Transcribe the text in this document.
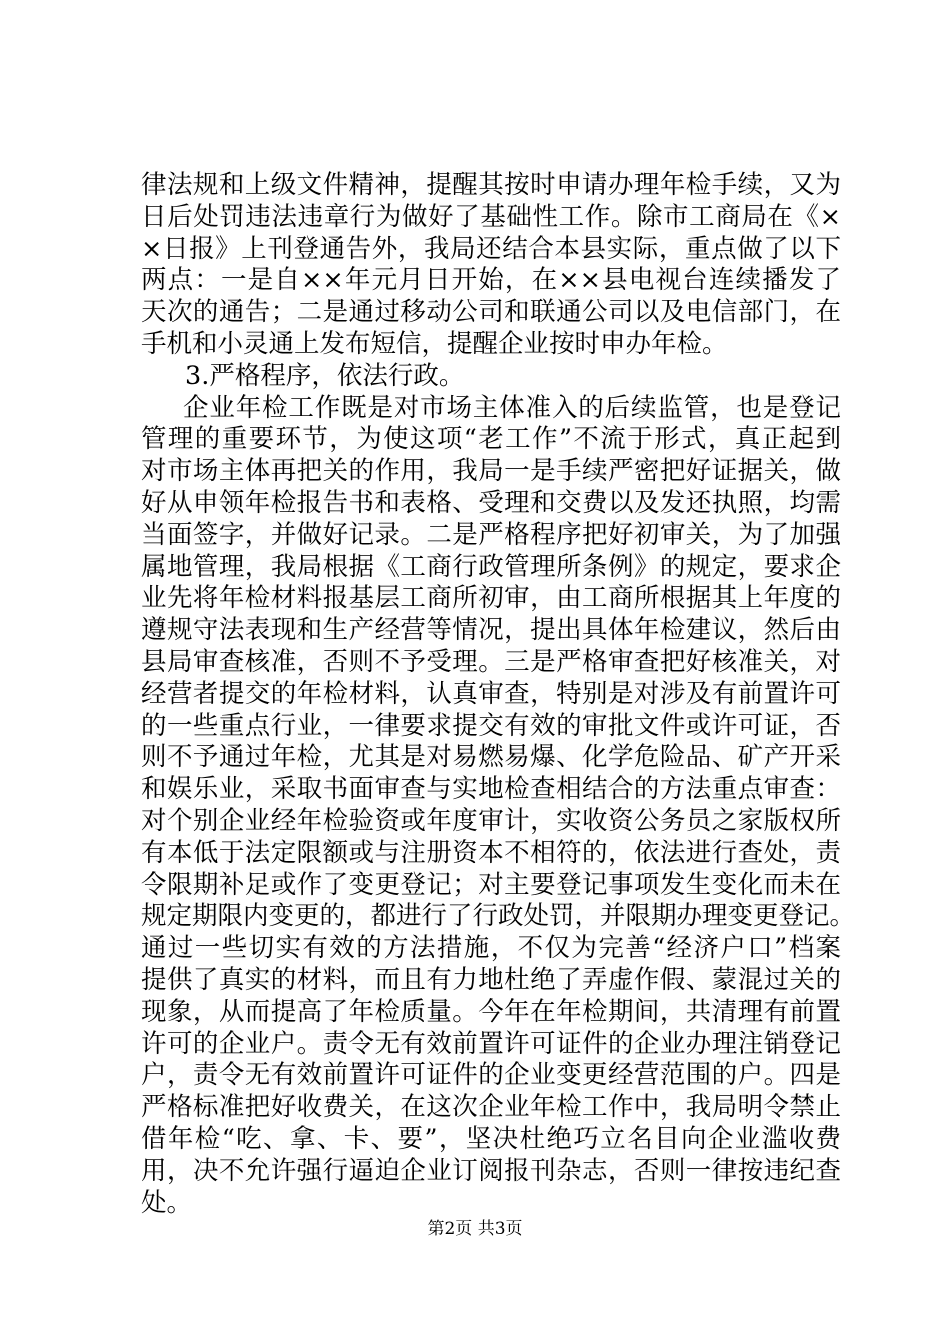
律法规和上级文件精神，提醒其按时申请办理年检手续，又为
日后处罚违法违章行为做好了基础性工作。除市工商局在《×
×日报》上刊登通告外，我局还结合本县实际，重点做了以下
两点：一是自××年元月日开始，在××县电视台连续播发了
天次的通告；二是通过移动公司和联通公司以及电信部门，在
手机和小灵通上发布短信，提醒企业按时申办年检。
3.严格程序，依法行政。
企业年检工作既是对市场主体准入的后续监管，也是登记
管理的重要环节，为使这项“老工作”不流于形式，真正起到
对市场主体再把关的作用，我局一是手续严密把好证据关，做
好从申领年检报告书和表格、受理和交费以及发还执照，均需
当面签字，并做好记录。二是严格程序把好初审关，为了加强
属地管理，我局根据《工商行政管理所条例》的规定，要求企
业先将年检材料报基层工商所初审，由工商所根据其上年度的
遵规守法表现和生产经营等情况，提出具体年检建议，然后由
县局审查核准，否则不予受理。三是严格审查把好核准关，对
经营者提交的年检材料，认真审查，特别是对涉及有前置许可
的一些重点行业，一律要求提交有效的审批文件或许可证，否
则不予通过年检，尤其是对易燃易爆、化学危险品、矿产开采
和娱乐业，采取书面审查与实地检查相结合的方法重点审查：
对个别企业经年检验资或年度审计，实收资公务员之家版权所
有本低于法定限额或与注册资本不相符的，依法进行查处，责
令限期补足或作了变更登记；对主要登记事项发生变化而未在
规定期限内变更的，都进行了行政处罚，并限期办理变更登记。
通过一些切实有效的方法措施，不仅为完善“经济户口”档案
提供了真实的材料，而且有力地杜绝了弄虚作假、蒙混过关的
现象，从而提高了年检质量。今年在年检期间，共清理有前置
许可的企业户。责令无有效前置许可证件的企业办理注销登记
户，责令无有效前置许可证件的企业变更经营范围的户。四是
严格标准把好收费关，在这次企业年检工作中，我局明令禁止
借年检“吃、拿、卡、要”，坚决杜绝巧立名目向企业滥收费
用，决不允许强行逼迫企业订阅报刊杂志，否则一律按违纪查
处。
第2页 共3页
